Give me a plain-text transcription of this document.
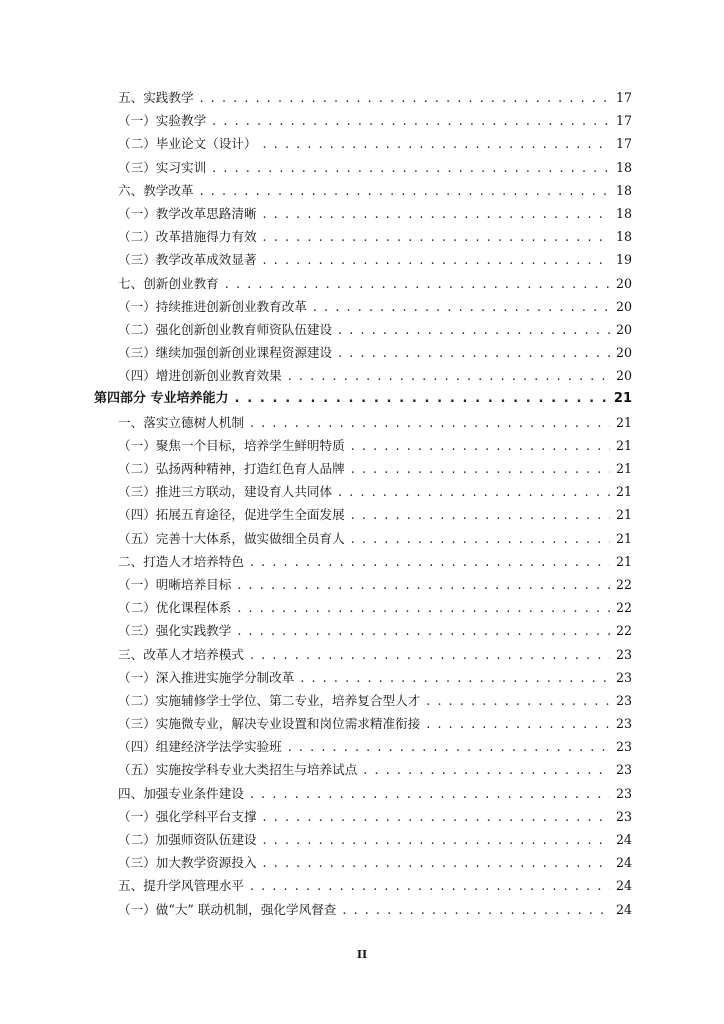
五、实践教学 . . .	17
（一）实验教学 . . .	17
（二）毕业论文（设计） . . .	17
（三）实习实训 . . .	18
六、教学改革 . . .	18
（一）教学改革思路清晰 . . .	18
（二）改革措施得力有效 . . .	18
（三）教学改革成效显著 . . .	19
七、创新创业教育 . . .	20
（一）持续推进创新创业教育改革 . . .	20
（二）强化创新创业教育师资队伍建设 . . .	20
（三）继续加强创新创业课程资源建设 . . .	20
（四）增进创新创业教育效果 . . .	20
第四部分 专业培养能力 . . .	21
一、落实立德树人机制 . . .	21
（一）聚焦一个目标，培养学生鲜明特质 . . .	21
（二）弘扬两种精神，打造红色育人品牌 . . .	21
（三）推进三方联动，建设育人共同体 . . .	21
（四）拓展五育途径，促进学生全面发展 . . .	21
（五）完善十大体系，做实做细全员育人 . . .	21
二、打造人才培养特色 . . .	21
（一）明晰培养目标 . . .	22
（二）优化课程体系 . . .	22
（三）强化实践教学 . . .	22
三、改革人才培养模式 . . .	23
（一）深入推进实施学分制改革 . . .	23
（二）实施辅修学士学位、第二专业，培养复合型人才 . . .	23
（三）实施微专业，解决专业设置和岗位需求精准衔接 . . .	23
（四）组建经济学法学实验班 . . .	23
（五）实施按学科专业大类招生与培养试点 . . .	23
四、加强专业条件建设 . . .	23
（一）强化学科平台支撑 . . .	23
（二）加强师资队伍建设 . . .	24
（三）加大教学资源投入 . . .	24
五、提升学风管理水平 . . .	24
（一）做“大” 联动机制，强化学风督查 . . .	24
II
